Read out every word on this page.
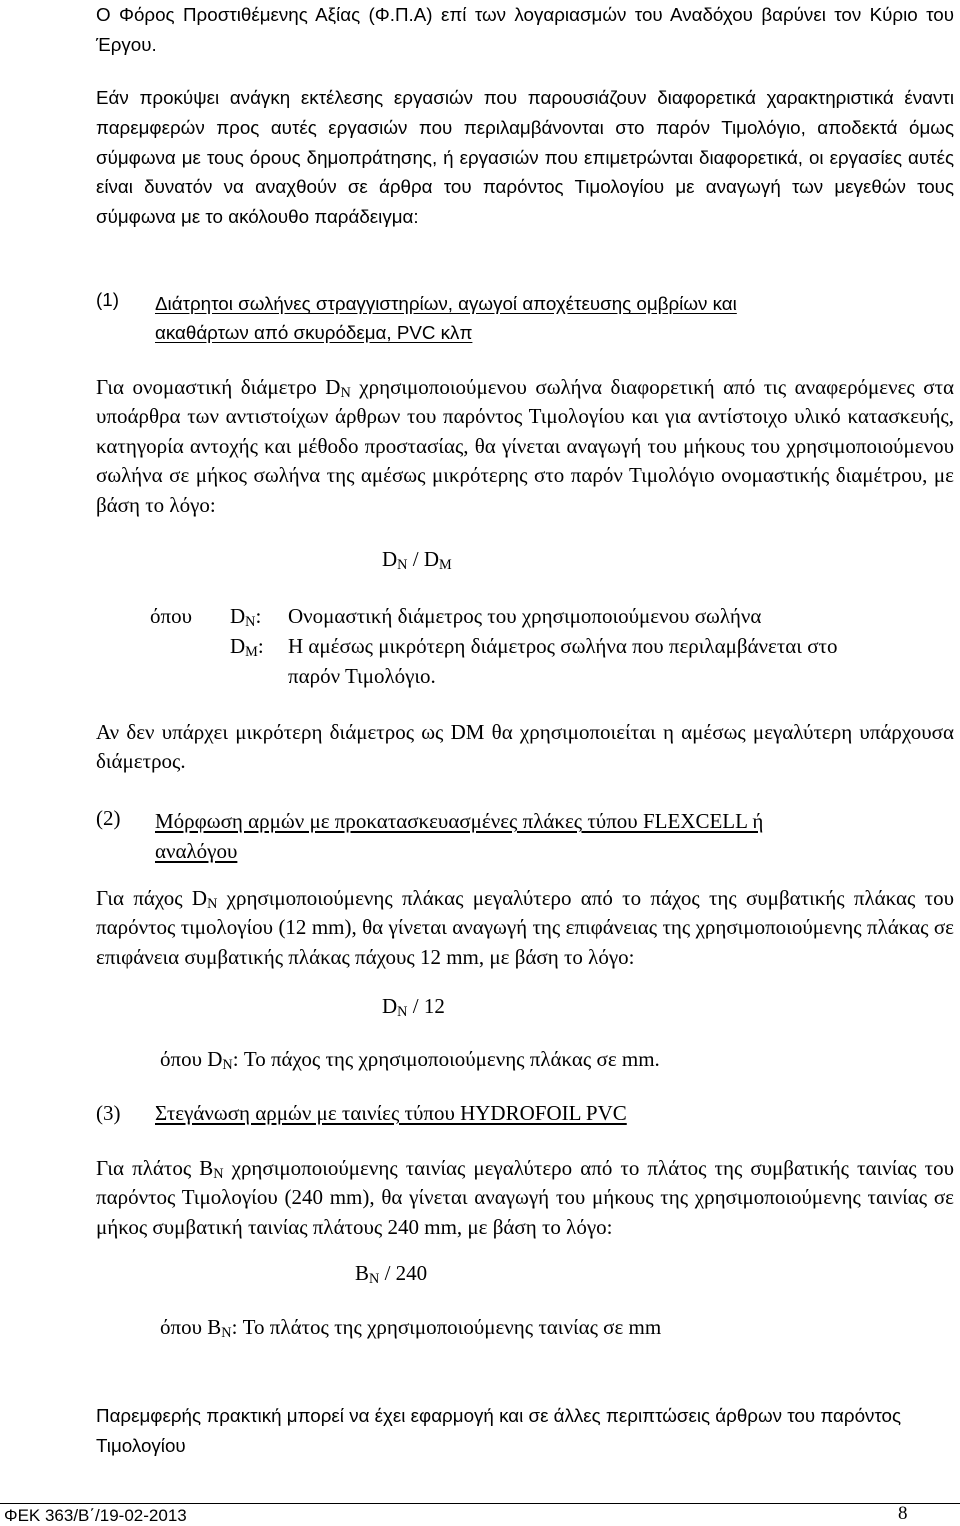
Ο Φόρος Προστιθέμενης Αξίας (Φ.Π.Α) επί των λογαριασμών του Αναδόχου βαρύνει τον Κύριο του Έργου.

Εάν προκύψει ανάγκη εκτέλεσης εργασιών που παρουσιάζουν διαφορετικά χαρακτηριστικά έναντι παρεμφερών προς αυτές εργασιών που περιλαμβάνονται στο παρόν Τιμολόγιο, αποδεκτά όμως σύμφωνα με τους όρους δημοπράτησης, ή εργασιών που επιμετρώνται διαφορετικά, οι εργασίες αυτές είναι δυνατόν να αναχθούν σε άρθρα του παρόντος Τιμολογίου με αναγωγή των μεγεθών τους σύμφωνα με το ακόλουθο παράδειγμα:

(1) Διάτρητοι σωλήνες στραγγιστηρίων, αγωγοί αποχέτευσης ομβρίων και
ακαθάρτων από σκυρόδεμα, PVC κλπ

Για ονομαστική διάμετρο $D_N$ χρησιμοποιούμενου σωλήνα διαφορετική από τις αναφερόμενες στα υποάρθρα των αντιστοίχων άρθρων του παρόντος Τιμολογίου και για αντίστοιχο υλικό κατασκευής, κατηγορία αντοχής και μέθοδο προστασίας, θα γίνεται αναγωγή του μήκους του χρησιμοποιούμενου σωλήνα σε μήκος σωλήνα της αμέσως μικρότερης στο παρόν Τιμολόγιο ονομαστικής διαμέτρου, με βάση το λόγο:

$D_N / D_M$
όπου $D_N$: Ονομαστική διάμετρος του χρησιμοποιούμενου σωλήνα
$D_M$: Η αμέσως μικρότερη διάμετρος σωλήνα που περιλαμβάνεται στο
παρόν Τιμολόγιο.

Αν δεν υπάρχει μικρότερη διάμετρος ως DM θα χρησιμοποιείται η αμέσως μεγαλύτερη υπάρχουσα διάμετρος.

(2) Μόρφωση αρμών με προκατασκευασμένες πλάκες τύπου FLEXCELL ή
αναλόγου

Για πάχος $D_N$ χρησιμοποιούμενης πλάκας μεγαλύτερο από το πάχος της συμβατικής πλάκας του παρόντος τιμολογίου (12 mm), θα γίνεται αναγωγή της επιφάνειας της χρησιμοποιούμενης πλάκας σε επιφάνεια συμβατικής πλάκας πάχους 12 mm, με βάση το λόγο:

$D_N / 12$
όπου $D_N$: Το πάχος της χρησιμοποιούμενης πλάκας σε mm.
(3) Στεγάνωση αρμών με ταινίες τύπου HYDROFOIL PVC

Για πλάτος $B_N$ χρησιμοποιούμενης ταινίας μεγαλύτερο από το πλάτος της συμβατικής ταινίας του παρόντος Τιμολογίου (240 mm), θα γίνεται αναγωγή του μήκους της χρησιμοποιούμενης ταινίας σε μήκος συμβατική ταινίας πλάτους 240 mm, με βάση το λόγο:

$B_N / 240$
όπου $B_N$: Το πλάτος της χρησιμοποιούμενης ταινίας σε mm

Παρεμφερής πρακτική μπορεί να έχει εφαρμογή και σε άλλες περιπτώσεις άρθρων του παρόντος Τιμολογίου

ΦΕΚ 363/Β΄/19-02-2013	8
